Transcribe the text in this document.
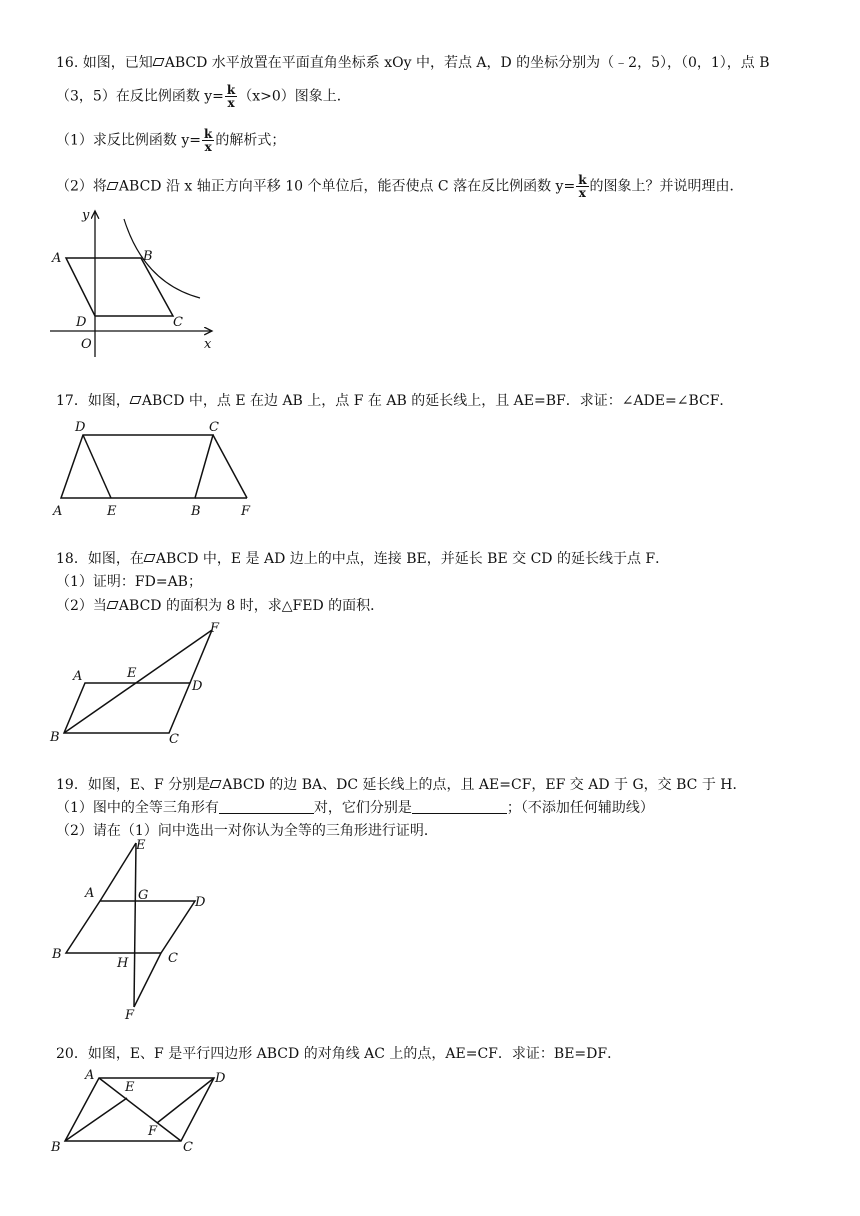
16. 如图，已知 ABCD 水平放置在平面直角坐标系 xOy 中，若点 A，D 的坐标分别为（﹣2，5），（0，1），点 B
（3，5）在反比例函数 $y= \frac{k}{x} (x>0)$图象上．
（1）求反比例函数 $y= \frac{k}{x}$ 的解析式；
（2）将 ABCD 沿 x 轴正方向平移 10 个单位后，能否使点 C 落在反比例函数 $y= \frac{k}{x}$ 的图象上？并说明理由．
y
x
A	B
C
D
O
17．如图， ABCD 中，点 E 在边 AB 上，点 F 在 AB 的延长线上，且 AE=BF．求证：∠ADE=∠BCF．
D	C
A	E	B	F
18．如图，在 ABCD 中，E 是 AD 边上的中点，连接 BE，并延长 BE 交 CD 的延长线于点 F．
（1）证明：FD=AB；
（2）当 ABCD 的面积为 8 时，求△FED 的面积．
F
A	E
D
B	C
19．如图，E、F 分别是 ABCD 的边 BA、DC 延长线上的点，且 AE=CF，EF 交 AD 于 G，交 BC 于 H．
（1）图中的全等三角形有	对，它们分别是	；（不添加任何辅助线）
（2）请在（1）问中选出一对你认为全等的三角形进行证明．
E
A	G	D
B
H	C
F
20．如图，E、F 是平行四边形 ABCD 的对角线 AC 上的点，AE=CF．求证：BE=DF．
A
E
D
F
B	C
